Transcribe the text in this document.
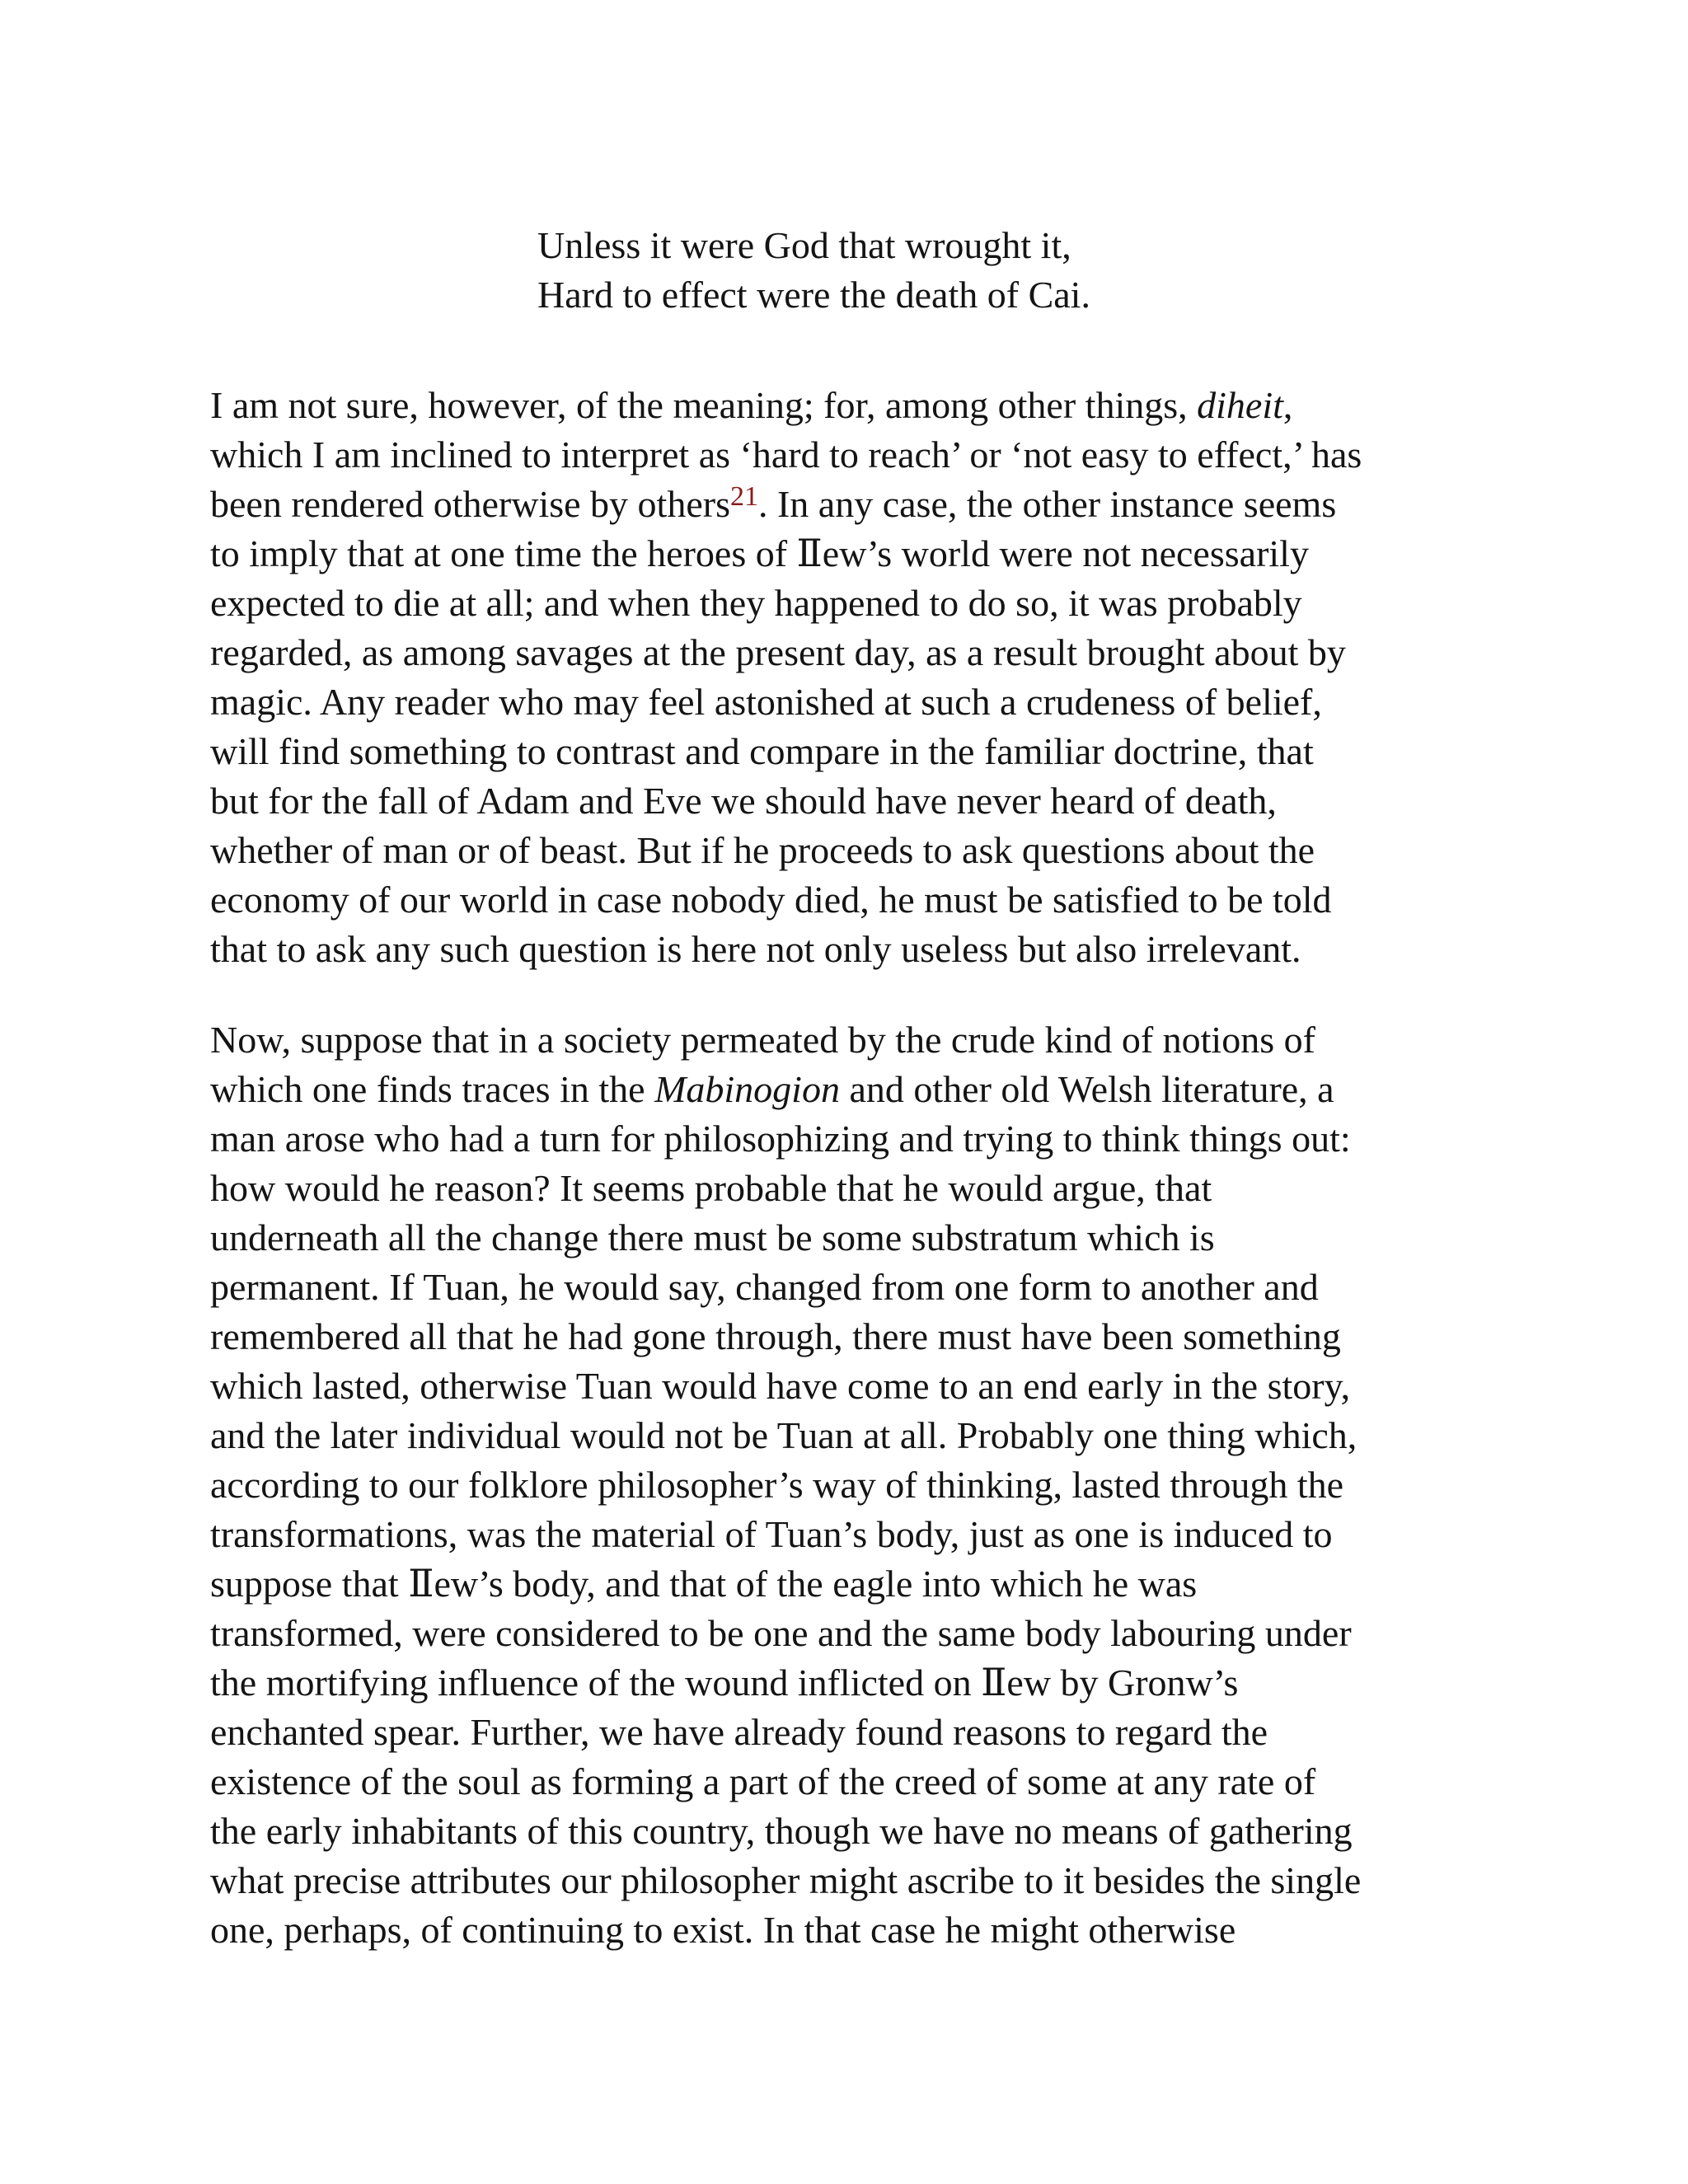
Unless it were God that wrought it,
Hard to effect were the death of Cai.
I am not sure, however, of the meaning; for, among other things, diheit,
which I am inclined to interpret as ‘hard to reach’ or ‘not easy to effect,’ has
been rendered otherwise by others$^{21}$. In any case, the other instance seems
to imply that at one time the heroes of Ⅱew’s world were not necessarily
expected to die at all; and when they happened to do so, it was probably
regarded, as among savages at the present day, as a result brought about by
magic. Any reader who may feel astonished at such a crudeness of belief,
will find something to contrast and compare in the familiar doctrine, that
but for the fall of Adam and Eve we should have never heard of death,
whether of man or of beast. But if he proceeds to ask questions about the
economy of our world in case nobody died, he must be satisfied to be told
that to ask any such question is here not only useless but also irrelevant.
Now, suppose that in a society permeated by the crude kind of notions of
which one finds traces in the Mabinogion and other old Welsh literature, a
man arose who had a turn for philosophizing and trying to think things out:
how would he reason? It seems probable that he would argue, that
underneath all the change there must be some substratum which is
permanent. If Tuan, he would say, changed from one form to another and
remembered all that he had gone through, there must have been something
which lasted, otherwise Tuan would have come to an end early in the story,
and the later individual would not be Tuan at all. Probably one thing which,
according to our folklore philosopher’s way of thinking, lasted through the
transformations, was the material of Tuan’s body, just as one is induced to
suppose that Ⅱew’s body, and that of the eagle into which he was
transformed, were considered to be one and the same body labouring under
the mortifying influence of the wound inflicted on Ⅱew by Gronw’s
enchanted spear. Further, we have already found reasons to regard the
existence of the soul as forming a part of the creed of some at any rate of
the early inhabitants of this country, though we have no means of gathering
what precise attributes our philosopher might ascribe to it besides the single
one, perhaps, of continuing to exist. In that case he might otherwise
